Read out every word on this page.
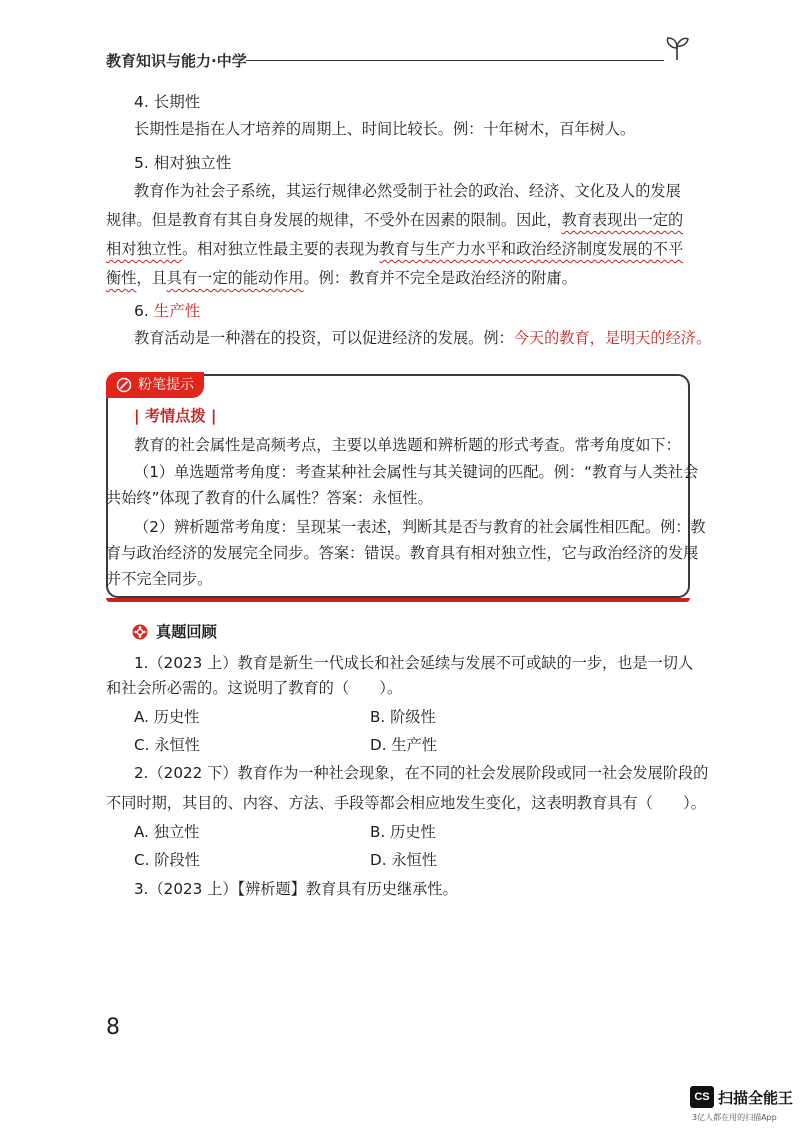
教育知识与能力·中学
4. 长期性
长期性是指在人才培养的周期上、时间比较长。例：十年树木，百年树人。
5. 相对独立性
教育作为社会子系统，其运行规律必然受制于社会的政治、经济、文化及人的发展
规律。但是教育有其自身发展的规律，不受外在因素的限制。因此，教育表现出一定的
相对独立性。相对独立性最主要的表现为教育与生产力水平和政治经济制度发展的不平
衡性，且具有一定的能动作用。例：教育并不完全是政治经济的附庸。
6. 生产性
教育活动是一种潜在的投资，可以促进经济的发展。例：今天的教育，是明天的经济。
粉笔提示
| 考情点拨 |
教育的社会属性是高频考点，主要以单选题和辨析题的形式考查。常考角度如下：
（1）单选题常考角度：考查某种社会属性与其关键词的匹配。例：“教育与人类社会
共始终”体现了教育的什么属性？答案：永恒性。
（2）辨析题常考角度：呈现某一表述，判断其是否与教育的社会属性相匹配。例：教
育与政治经济的发展完全同步。答案：错误。教育具有相对独立性，它与政治经济的发展
并不完全同步。
真题回顾
1.（2023 上）教育是新生一代成长和社会延续与发展不可或缺的一步，也是一切人
和社会所必需的。这说明了教育的（　　）。
A. 历史性	B. 阶级性
C. 永恒性	D. 生产性
2.（2022 下）教育作为一种社会现象，在不同的社会发展阶段或同一社会发展阶段的
不同时期，其目的、内容、方法、手段等都会相应地发生变化，这表明教育具有（　　）。
A. 独立性	B. 历史性
C. 阶段性	D. 永恒性
3.（2023 上）【辨析题】教育具有历史继承性。
8
CS 扫描全能王
3亿人都在用的扫描App
